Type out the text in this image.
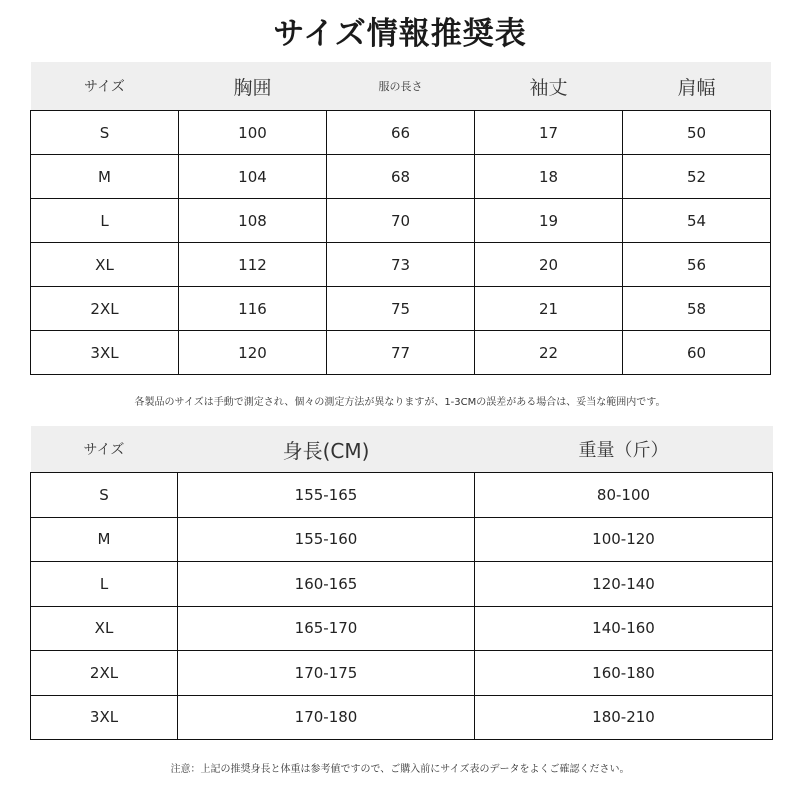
サイズ情報推奨表
サイズ	胸囲	服の長さ	袖丈	肩幅
S	100	66	17	50
M	104	68	18	52
L	108	70	19	54
XL	112	73	20	56
2XL	116	75	21	58
3XL	120	77	22	60
各製品のサイズは手動で測定され、個々の測定方法が異なりますが、1-3CMの誤差がある場合は、妥当な範囲内です。
サイズ	身長(CM)	重量（斤）
S	155-165	80-100
M	155-160	100-120
L	160-165	120-140
XL	165-170	140-160
2XL	170-175	160-180
3XL	170-180	180-210
注意：上記の推奨身長と体重は参考値ですので、ご購入前にサイズ表のデータをよくご確認ください。
